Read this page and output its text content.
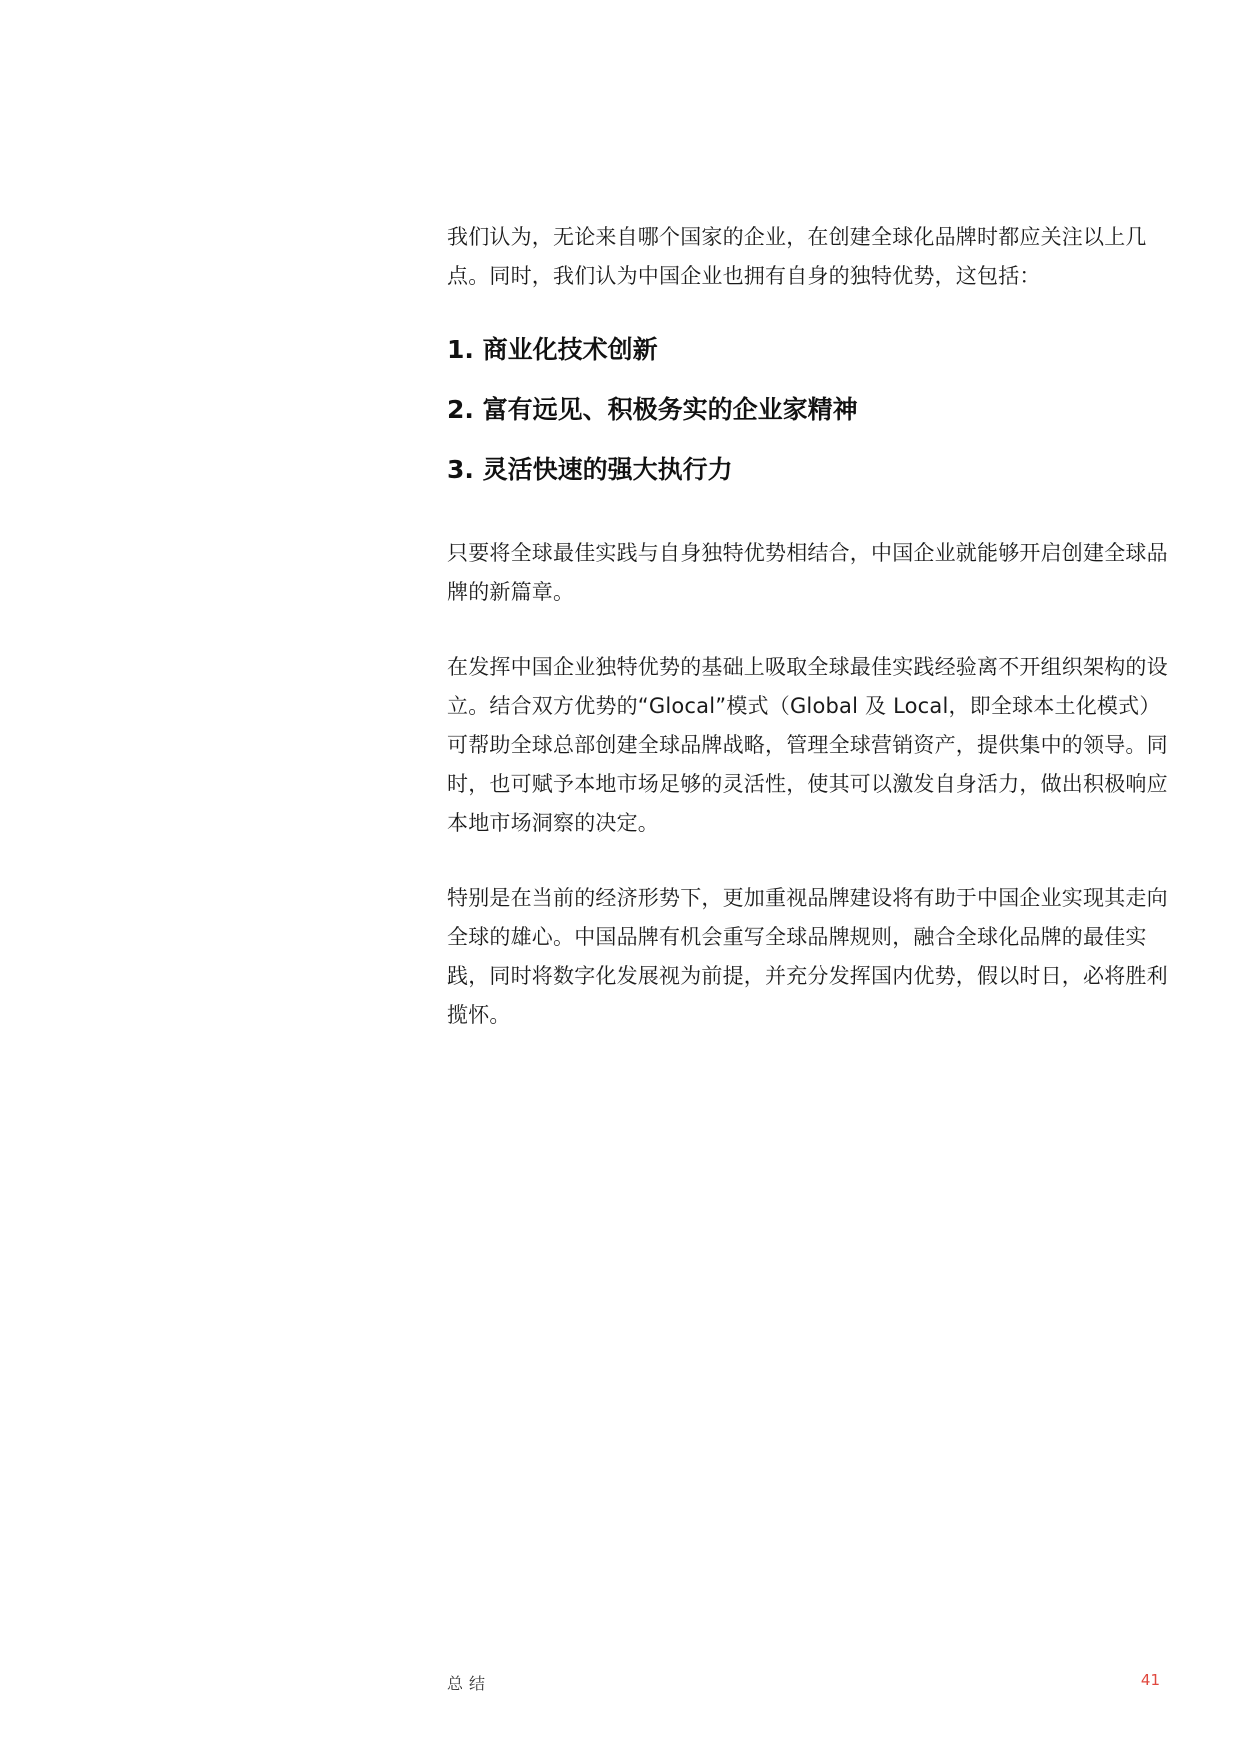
我们认为，无论来自哪个国家的企业，在创建全球化品牌时都应关注以上几点。同时，我们认为中国企业也拥有自身的独特优势，这包括：

1. 商业化技术创新
2. 富有远见、积极务实的企业家精神
3. 灵活快速的强大执行力

只要将全球最佳实践与自身独特优势相结合，中国企业就能够开启创建全球品牌的新篇章。

在发挥中国企业独特优势的基础上吸取全球最佳实践经验离不开组织架构的设立。结合双方优势的“Glocal”模式（Global 及 Local，即全球本土化模式）可帮助全球总部创建全球品牌战略，管理全球营销资产，提供集中的领导。同时，也可赋予本地市场足够的灵活性，使其可以激发自身活力，做出积极响应本地市场洞察的决定。

特别是在当前的经济形势下，更加重视品牌建设将有助于中国企业实现其走向全球的雄心。中国品牌有机会重写全球品牌规则，融合全球化品牌的最佳实践，同时将数字化发展视为前提，并充分发挥国内优势，假以时日，必将胜利揽怀。

总结	41
